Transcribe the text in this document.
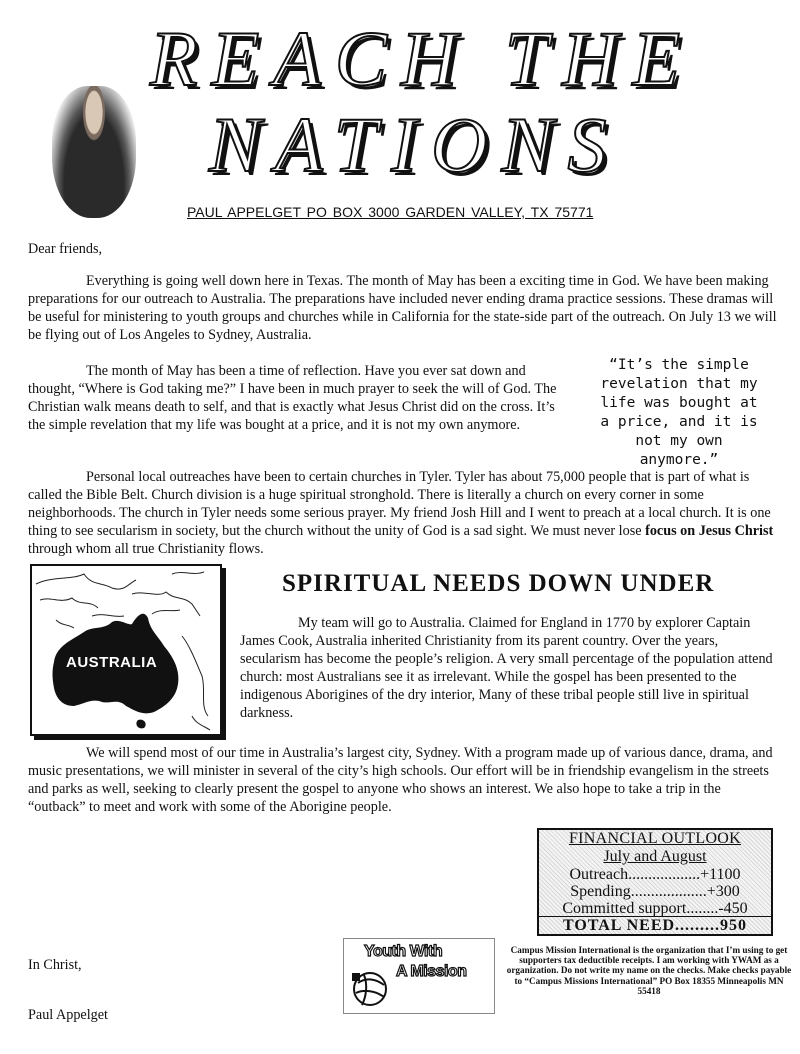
REACH THE
NATIONS
PAUL APPELGET PO BOX 3000 GARDEN VALLEY, TX 75771
Dear friends,
Everything is going well down here in Texas. The month of May has been a exciting time in God. We have been making preparations for our outreach to Australia. The preparations have included never ending drama practice sessions. These dramas will be useful for ministering to youth groups and churches while in California for the state-side part of the outreach. On July 13 we will be flying out of Los Angeles to Sydney, Australia.
The month of May has been a time of reflection. Have you ever sat down and thought, “Where is God taking me?” I have been in much prayer to seek the will of God. The Christian walk means death to self, and that is exactly what Jesus Christ did on the cross. It’s the simple revelation that my life was bought at a price, and it is not my own anymore.
“It’s the simple revelation that my life was bought at a price, and it is not my own anymore.”
Personal local outreaches have been to certain churches in Tyler. Tyler has about 75,000 people that is part of what is called the Bible Belt. Church division is a huge spiritual stronghold. There is literally a church on every corner in some neighborhoods. The church in Tyler needs some serious prayer. My friend Josh Hill and I went to preach at a local church. It is one thing to see secularism in society, but the church without the unity of God is a sad sight. We must never lose focus on Jesus Christ through whom all true Christianity flows.
AUSTRALIA
SPIRITUAL NEEDS DOWN UNDER
My team will go to Australia. Claimed for England in 1770 by explorer Captain James Cook, Australia inherited Christianity from its parent country. Over the years, secularism has become the people’s religion. A very small percentage of the population attend church: most Australians see it as irrelevant. While the gospel has been presented to the indigenous Aborigines of the dry interior, Many of these tribal people still live in spiritual darkness.
We will spend most of our time in Australia’s largest city, Sydney. With a program made up of various dance, drama, and music presentations, we will minister in several of the city’s high schools. Our effort will be in friendship evangelism in the streets and parks as well, seeking to clearly present the gospel to anyone who shows an interest. We also hope to take a trip in the “outback” to meet and work with some of the Aborigine people.
FINANCIAL OUTLOOK
July and August
Outreach..................+1100
Spending...................+300
Committed support........-450
TOTAL NEED.........950
In Christ,
Paul Appelget
Youth With
A Mission
Campus Mission International is the organization that I’m using to get supporters tax deductible receipts. I am working with YWAM as a organization. Do not write my name on the checks. Make checks payable to “Campus Missions International” PO Box 18355 Minneapolis MN 55418
